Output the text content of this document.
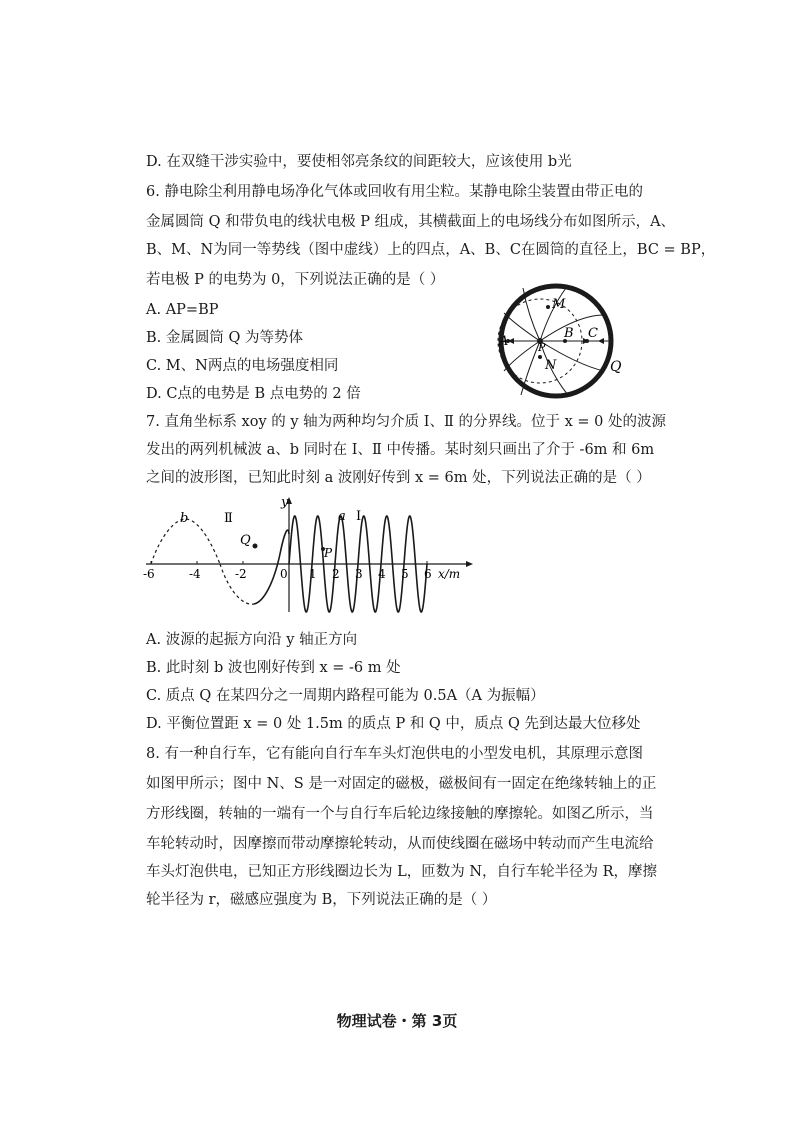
D. 在双缝干涉实验中，要使相邻亮条纹的间距较大，应该使用 b光
6. 静电除尘利用静电场净化气体或回收有用尘粒。某静电除尘装置由带正电的
金属圆筒 Q 和带负电的线状电极 P 组成，其横截面上的电场线分布如图所示，A、
B、M、N为同一等势线（图中虚线）上的四点，A、B、C在圆筒的直径上，BC = BP，
若电极 P 的电势为 0，下列说法正确的是（ ）
A. AP=BP
B. 金属圆筒 Q 为等势体
C. M、N两点的电场强度相同
D. C点的电势是 B 点电势的 2 倍
7. 直角坐标系 xoy 的 y 轴为两种均匀介质 Ⅰ、Ⅱ 的分界线。位于 x = 0 处的波源
发出的两列机械波 a、b 同时在 Ⅰ、Ⅱ 中传播。某时刻只画出了介于 -6m 和 6m
之间的波形图，已知此时刻 a 波刚好传到 x = 6m 处，下列说法正确的是（ ）
A. 波源的起振方向沿 y 轴正方向
B. 此时刻 b 波也刚好传到 x = -6 m 处
C. 质点 Q 在某四分之一周期内路程可能为 0.5A（A 为振幅）
D. 平衡位置距 x = 0 处 1.5m 的质点 P 和 Q 中，质点 Q 先到达最大位移处
8. 有一种自行车，它有能向自行车车头灯泡供电的小型发电机，其原理示意图
如图甲所示；图中 N、S 是一对固定的磁极，磁极间有一固定在绝缘转轴上的正
方形线圈，转轴的一端有一个与自行车后轮边缘接触的摩擦轮。如图乙所示，当
车轮转动时，因摩擦而带动摩擦轮转动，从而使线圈在磁场中转动而产生电流给
车头灯泡供电，已知正方形线圈边长为 L，匝数为 N，自行车轮半径为 R，摩擦
轮半径为 r，磁感应强度为 B，下列说法正确的是（ ）
M
N
A	P
B C
Q
y
x/m
Q
P
b	Ⅱ	a Ⅰ
-6	-4	-2	0 1 2 3 4 5 6
物理试卷・第 3页
